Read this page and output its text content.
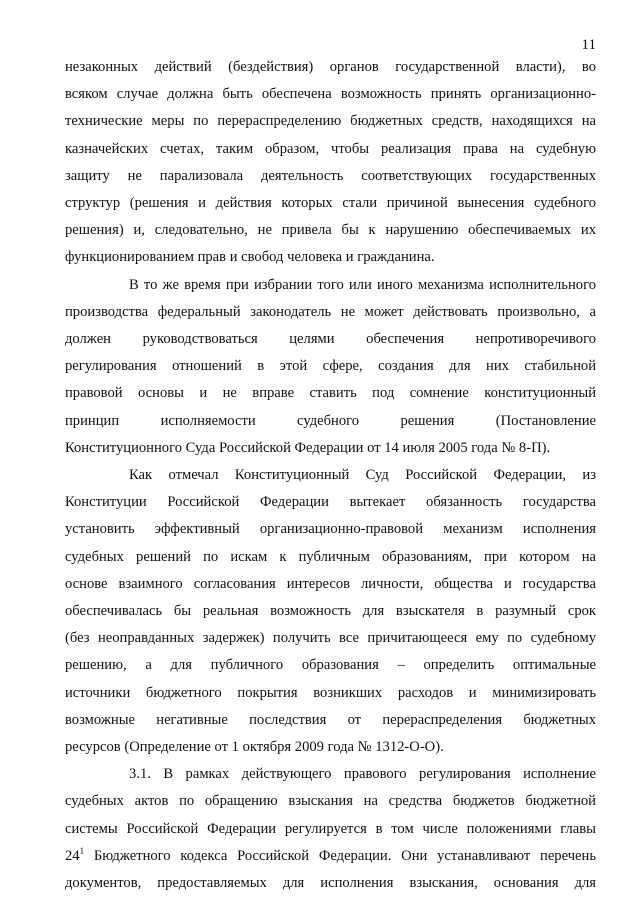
11

незаконных действий (бездействия) органов государственной власти), во
всяком случае должна быть обеспечена возможность принять организационно-
технические меры по перераспределению бюджетных средств, находящихся на
казначейских счетах, таким образом, чтобы реализация права на судебную
защиту не парализовала деятельность соответствующих государственных
структур (решения и действия которых стали причиной вынесения судебного
решения) и, следовательно, не привела бы к нарушению обеспечиваемых их
функционированием прав и свобод человека и гражданина.

В то же время при избрании того или иного механизма исполнительного
производства федеральный законодатель не может действовать произвольно, а
должен руководствоваться целями обеспечения непротиворечивого
регулирования отношений в этой сфере, создания для них стабильной
правовой основы и не вправе ставить под сомнение конституционный
принцип исполняемости судебного решения (Постановление
Конституционного Суда Российской Федерации от 14 июля 2005 года № 8-П).

Как отмечал Конституционный Суд Российской Федерации, из
Конституции Российской Федерации вытекает обязанность государства
установить эффективный организационно-правовой механизм исполнения
судебных решений по искам к публичным образованиям, при котором на
основе взаимного согласования интересов личности, общества и государства
обеспечивалась бы реальная возможность для взыскателя в разумный срок
(без неоправданных задержек) получить все причитающееся ему по судебному
решению, а для публичного образования – определить оптимальные
источники бюджетного покрытия возникших расходов и минимизировать
возможные негативные последствия от перераспределения бюджетных
ресурсов (Определение от 1 октября 2009 года № 1312-О-О).

3.1. В рамках действующего правового регулирования исполнение
судебных актов по обращению взыскания на средства бюджетов бюджетной
системы Российской Федерации регулируется в том числе положениями главы
$24^1$ Бюджетного кодекса Российской Федерации. Они устанавливают перечень
документов, предоставляемых для исполнения взыскания, основания для
